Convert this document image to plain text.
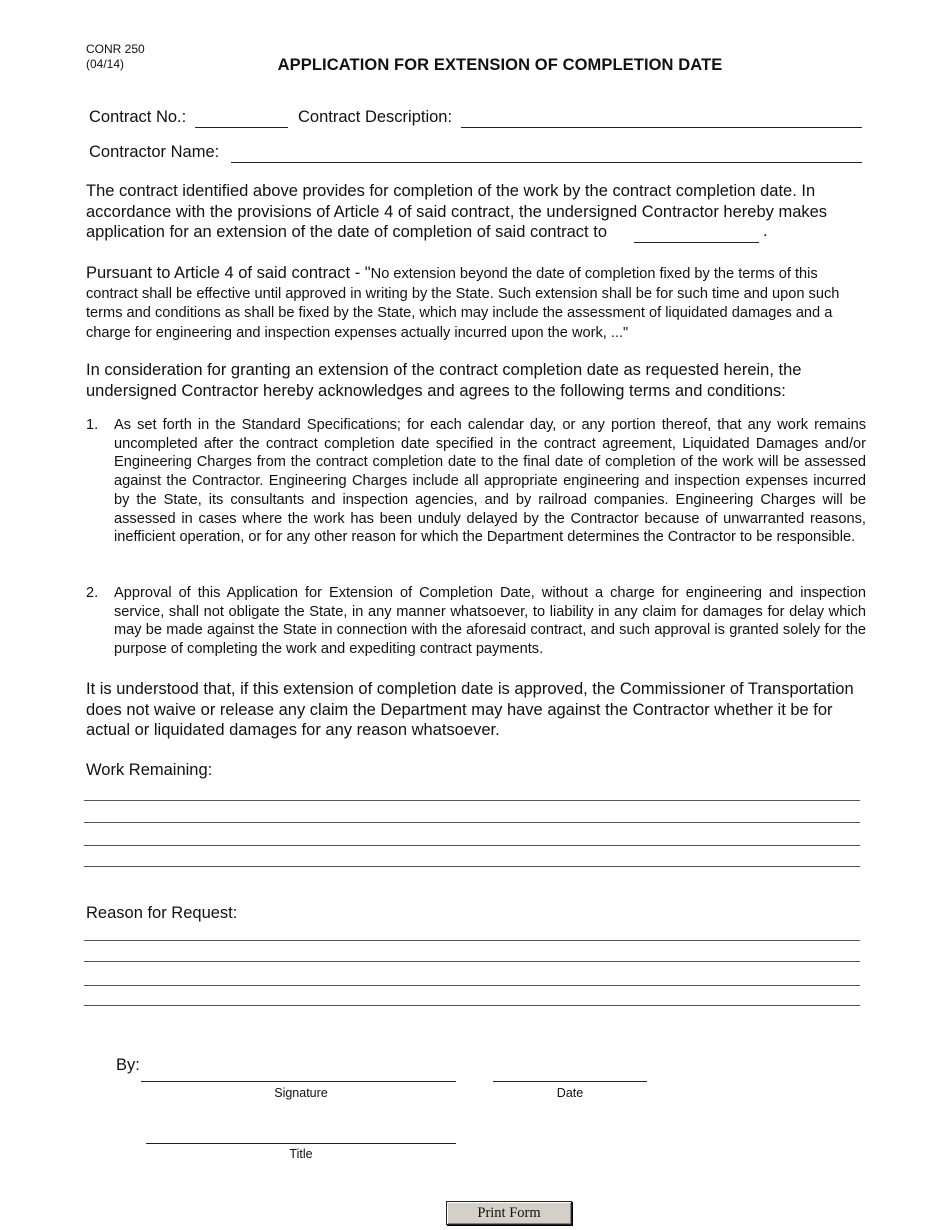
CONR 250
(04/14)	APPLICATION FOR EXTENSION OF COMPLETION DATE
Contract No.:	Contract Description:
Contractor Name:
The contract identified above provides for completion of the work by the contract completion date. In accordance with the provisions of Article 4 of said contract, the undersigned Contractor hereby makes application for an extension of the date of completion of said contract to	.
Pursuant to Article 4 of said contract - "No extension beyond the date of completion fixed by the terms of this contract shall be effective until approved in writing by the State. Such extension shall be for such time and upon such terms and conditions as shall be fixed by the State, which may include the assessment of liquidated damages and a charge for engineering and inspection expenses actually incurred upon the work, ..."
In consideration for granting an extension of the contract completion date as requested herein, the undersigned Contractor hereby acknowledges and agrees to the following terms and conditions:
1. As set forth in the Standard Specifications; for each calendar day, or any portion thereof, that any work remains uncompleted after the contract completion date specified in the contract agreement, Liquidated Damages and/or Engineering Charges from the contract completion date to the final date of completion of the work will be assessed against the Contractor. Engineering Charges include all appropriate engineering and inspection expenses incurred by the State, its consultants and inspection agencies, and by railroad companies. Engineering Charges will be assessed in cases where the work has been unduly delayed by the Contractor because of unwarranted reasons, inefficient operation, or for any other reason for which the Department determines the Contractor to be responsible.
2. Approval of this Application for Extension of Completion Date, without a charge for engineering and inspection service, shall not obligate the State, in any manner whatsoever, to liability in any claim for damages for delay which may be made against the State in connection with the aforesaid contract, and such approval is granted solely for the purpose of completing the work and expediting contract payments.
It is understood that, if this extension of completion date is approved, the Commissioner of Transportation does not waive or release any claim the Department may have against the Contractor whether it be for actual or liquidated damages for any reason whatsoever.
Work Remaining:
Reason for Request:
By:
Signature	Date
Title
Print Form
